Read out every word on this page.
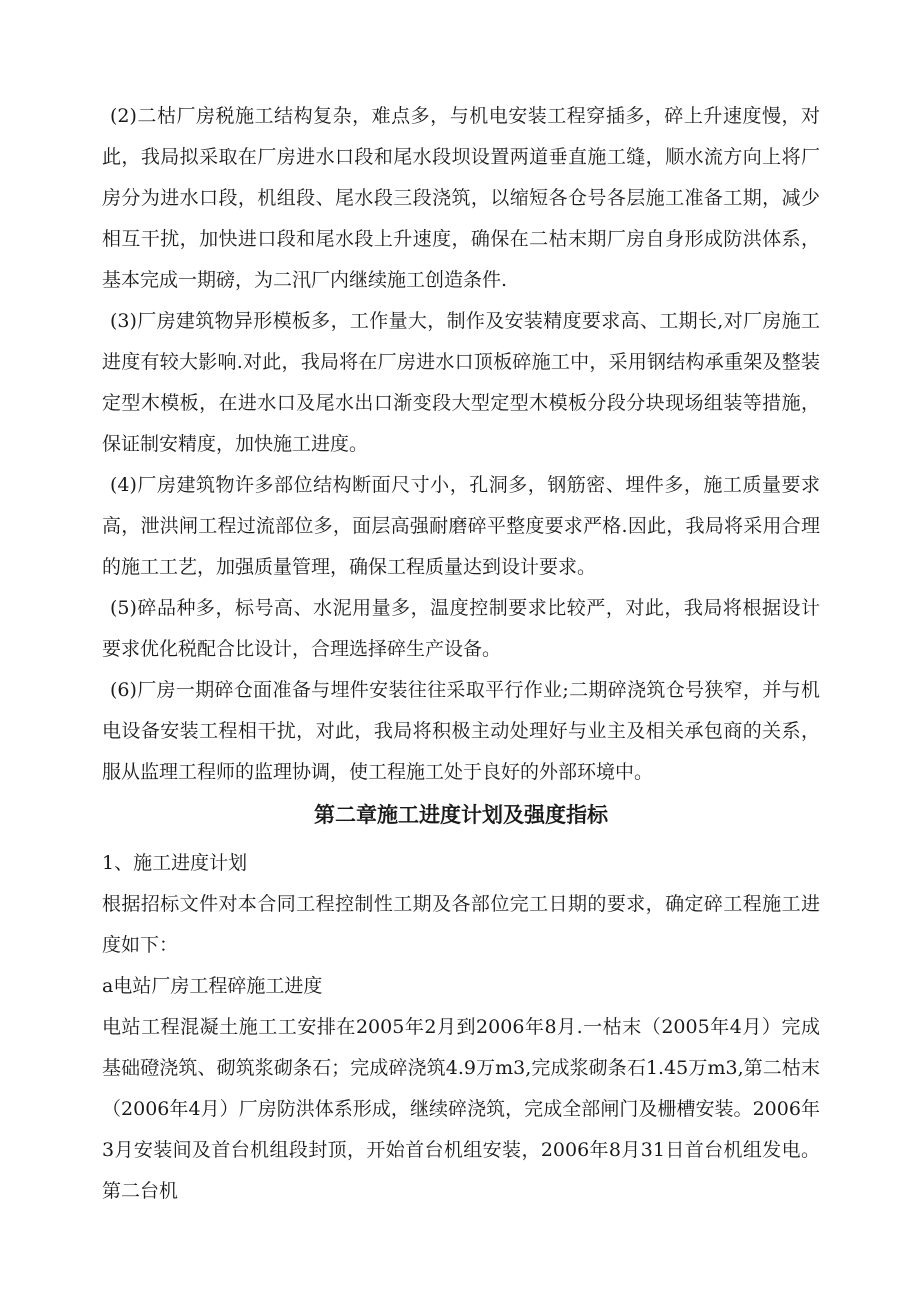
(2)二枯厂房税施工结构复杂，难点多，与机电安装工程穿插多，碎上升速度慢，对此，我局拟采取在厂房进水口段和尾水段坝设置两道垂直施工缝，顺水流方向上将厂房分为进水口段，机组段、尾水段三段浇筑，以缩短各仓号各层施工准备工期，减少相互干扰，加快进口段和尾水段上升速度，确保在二枯末期厂房自身形成防洪体系，基本完成一期磅，为二汛厂内继续施工创造条件.

(3)厂房建筑物异形模板多，工作量大，制作及安装精度要求高、工期长,对厂房施工进度有较大影响.对此，我局将在厂房进水口顶板碎施工中，采用钢结构承重架及整装定型木模板，在进水口及尾水出口渐变段大型定型木模板分段分块现场组装等措施，保证制安精度，加快施工进度。

(4)厂房建筑物许多部位结构断面尺寸小，孔洞多，钢筋密、埋件多，施工质量要求高，泄洪闸工程过流部位多，面层高强耐磨碎平整度要求严格.因此，我局将采用合理的施工工艺，加强质量管理，确保工程质量达到设计要求。

(5)碎品种多，标号高、水泥用量多，温度控制要求比较严，对此，我局将根据设计要求优化税配合比设计，合理选择碎生产设备。

(6)厂房一期碎仓面准备与埋件安装往往采取平行作业;二期碎浇筑仓号狭窄，并与机电设备安装工程相干扰，对此，我局将积极主动处理好与业主及相关承包商的关系，服从监理工程师的监理协调，使工程施工处于良好的外部环境中。

第二章施工进度计划及强度指标

1、施工进度计划

根据招标文件对本合同工程控制性工期及各部位完工日期的要求，确定碎工程施工进度如下：

a电站厂房工程碎施工进度

电站工程混凝土施工工安排在2005年2月到2006年8月.一枯末（2005年4月）完成基础磴浇筑、砌筑浆砌条石；完成碎浇筑4.9万m3,完成浆砌条石1.45万m3,第二枯末（2006年4月）厂房防洪体系形成，继续碎浇筑，完成全部闸门及栅槽安装。2006年3月安装间及首台机组段封顶，开始首台机组安装，2006年8月31日首台机组发电。第二台机
